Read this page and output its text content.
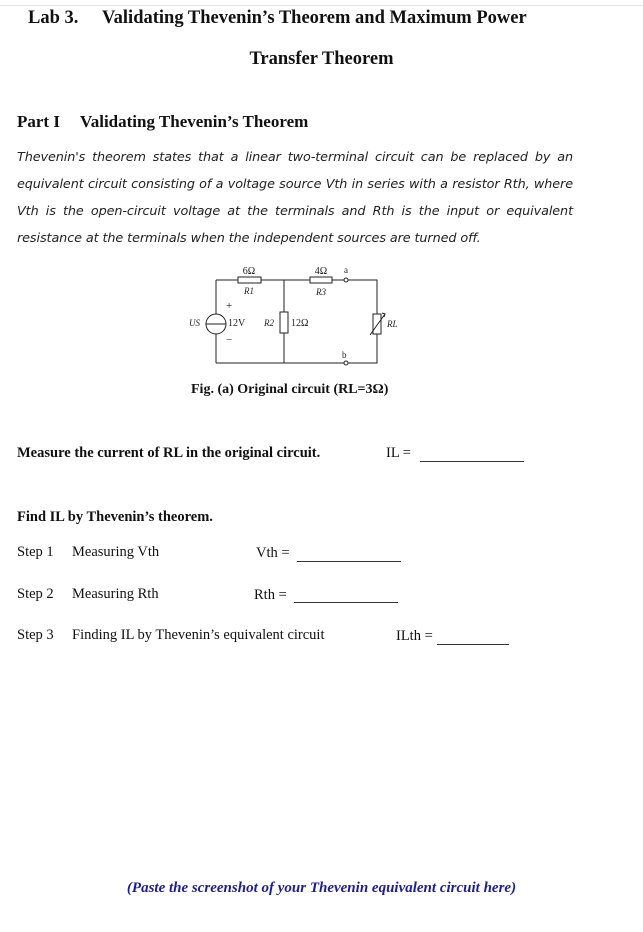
Lab 3. Validating Thevenin’s Theorem and Maximum Power
Transfer Theorem
Part I Validating Thevenin’s Theorem
Thevenin's theorem states that a linear two-terminal circuit can be replaced by an
equivalent circuit consisting of a voltage source Vth in series with a resistor Rth, where
Vth is the open-circuit voltage at the terminals and Rth is the input or equivalent
resistance at the terminals when the independent sources are turned off.
6Ω
R1
4Ω
R3
a
b
+
−
US	12V R2 12Ω	RL
Fig. (a) Original circuit (RL=3Ω)
Measure the current of RL in the original circuit.	IL =
Find IL by Thevenin’s theorem.
Step 1 Measuring Vth	Vth =
Step 2 Measuring Rth	Rth =
Step 3 Finding IL by Thevenin’s equivalent circuit	ILth =
(Paste the screenshot of your Thevenin equivalent circuit here)
